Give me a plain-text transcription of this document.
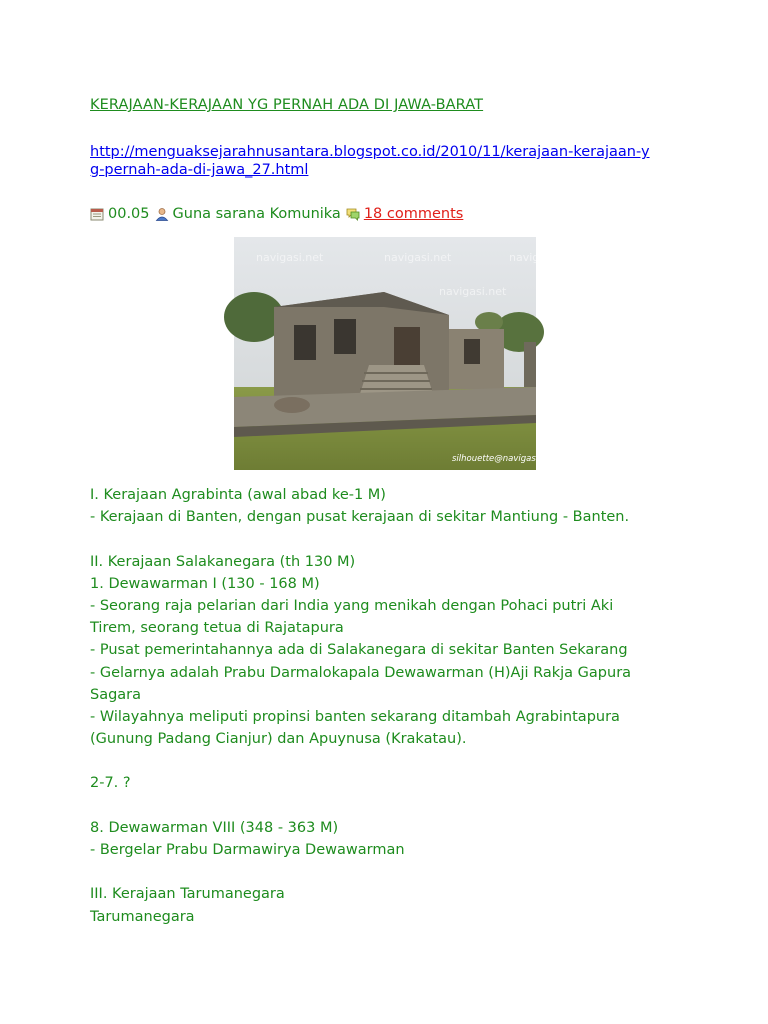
KERAJAAN-KERAJAAN YG PERNAH ADA DI JAWA-BARAT
http://menguaksejarahnusantara.blogspot.co.id/2010/11/kerajaan-kerajaan-yg-pernah-ada-di-jawa_27.html
00.05 Guna sarana Komunika 18 comments
navigasi.net	navigasi.net	navigasi.net
navigasi.net
silhouette@navigasi.net
I. Kerajaan Agrabinta (awal abad ke-1 M)
- Kerajaan di Banten, dengan pusat kerajaan di sekitar Mantiung - Banten.
II. Kerajaan Salakanegara (th 130 M)
1. Dewawarman I (130 - 168 M)
- Seorang raja pelarian dari India yang menikah dengan Pohaci putri Aki
Tirem, seorang tetua di Rajatapura
- Pusat pemerintahannya ada di Salakanegara di sekitar Banten Sekarang
- Gelarnya adalah Prabu Darmalokapala Dewawarman (H)Aji Rakja Gapura
Sagara
- Wilayahnya meliputi propinsi banten sekarang ditambah Agrabintapura
(Gunung Padang Cianjur) dan Apuynusa (Krakatau).
2-7. ?
8. Dewawarman VIII (348 - 363 M)
- Bergelar Prabu Darmawirya Dewawarman
III. Kerajaan Tarumanegara
Tarumanegara
